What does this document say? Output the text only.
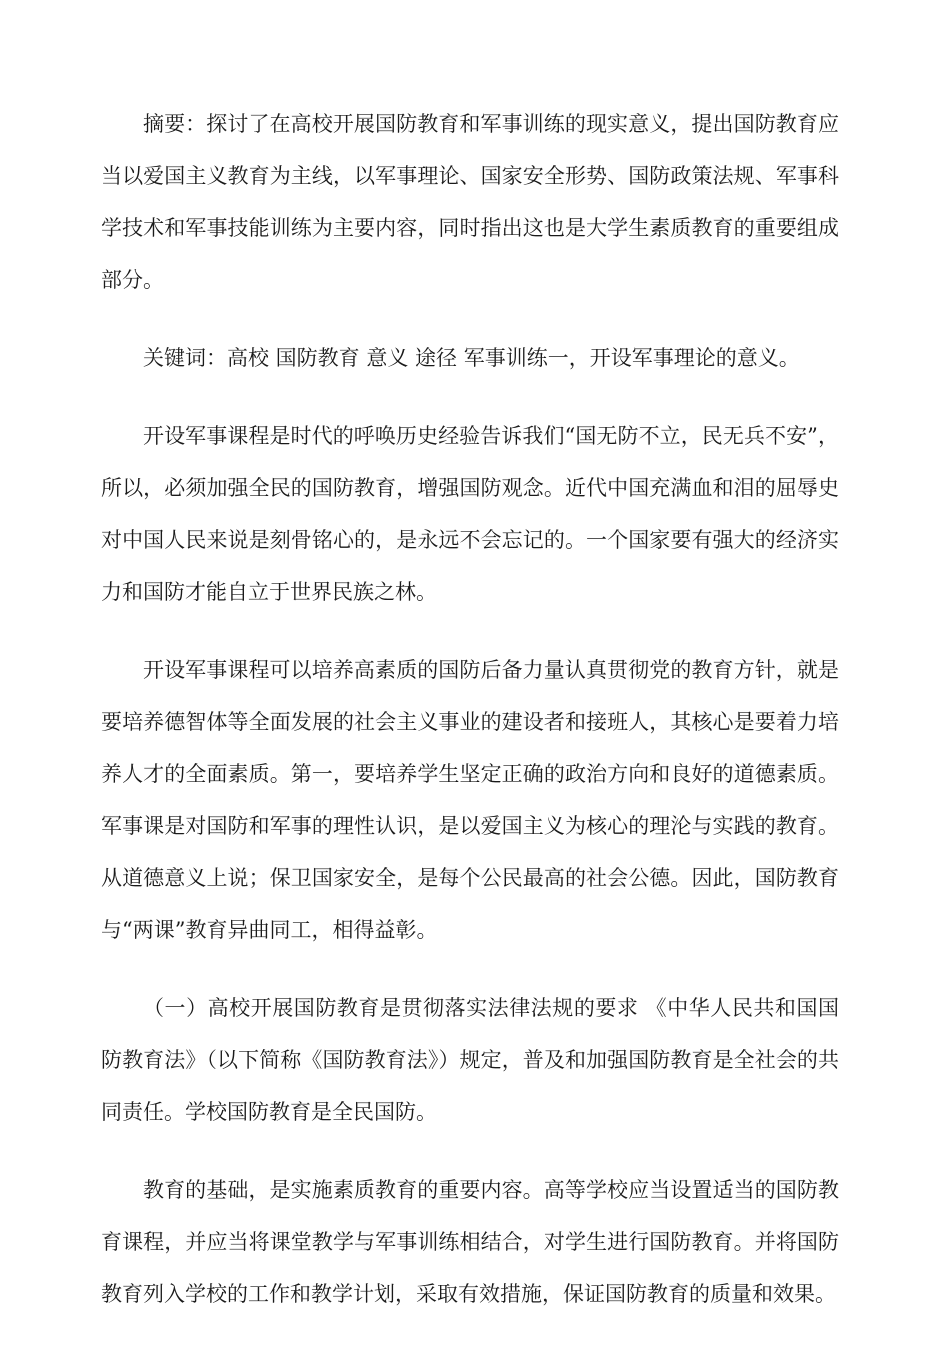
摘要：探讨了在高校开展国防教育和军事训练的现实意义，提出国防教育应当以爱国主义教育为主线，以军事理论、国家安全形势、国防政策法规、军事科学技术和军事技能训练为主要内容，同时指出这也是大学生素质教育的重要组成部分。

关键词：高校 国防教育 意义 途径 军事训练一，开设军事理论的意义。

开设军事课程是时代的呼唤历史经验告诉我们“国无防不立，民无兵不安”，所以，必须加强全民的国防教育，增强国防观念。近代中国充满血和泪的屈辱史对中国人民来说是刻骨铭心的，是永远不会忘记的。一个国家要有强大的经济实力和国防才能自立于世界民族之林。

开设军事课程可以培养高素质的国防后备力量认真贯彻党的教育方针，就是要培养德智体等全面发展的社会主义事业的建设者和接班人，其核心是要着力培养人才的全面素质。第一，要培养学生坚定正确的政治方向和良好的道德素质。军事课是对国防和军事的理性认识，是以爱国主义为核心的理沦与实践的教育。从道德意义上说；保卫国家安全，是每个公民最高的社会公德。因此，国防教育与“两课”教育异曲同工，相得益彰。

（一）高校开展国防教育是贯彻落实法律法规的要求 《中华人民共和国国防教育法》（以下简称《国防教育法》）规定，普及和加强国防教育是全社会的共同责任。学校国防教育是全民国防。

教育的基础，是实施素质教育的重要内容。高等学校应当设置适当的国防教育课程，并应当将课堂教学与军事训练相结合，对学生进行国防教育。并将国防教育列入学校的工作和教学计划，采取有效措施，保证国防教育的质量和效果。
